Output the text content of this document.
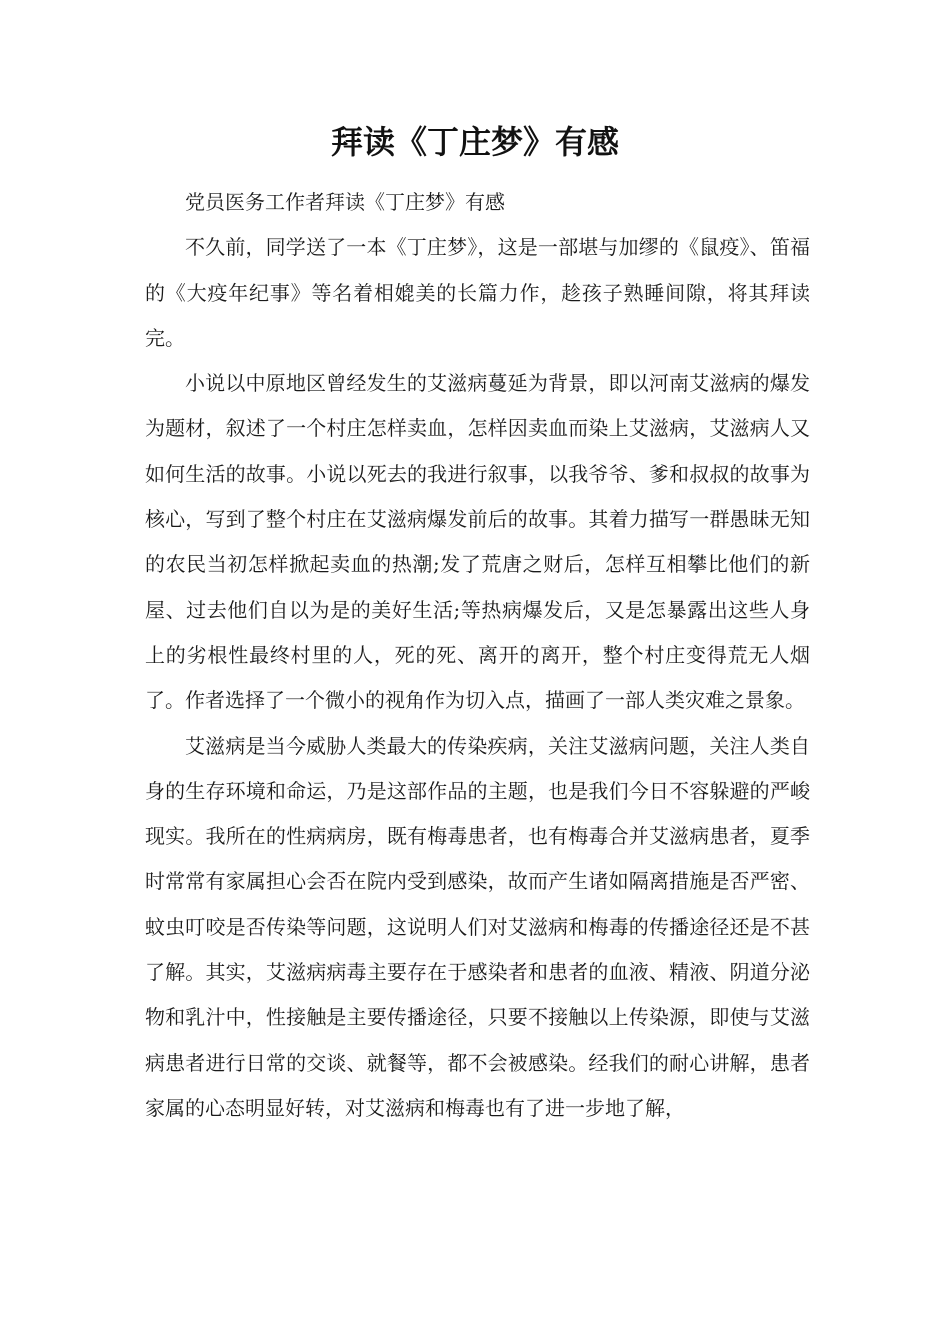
拜读《丁庄梦》有感

党员医务工作者拜读《丁庄梦》有感

不久前，同学送了一本《丁庄梦》，这是一部堪与加缪的《鼠疫》、笛福的《大疫年纪事》等名着相媲美的长篇力作，趁孩子熟睡间隙，将其拜读完。

小说以中原地区曾经发生的艾滋病蔓延为背景，即以河南艾滋病的爆发为题材，叙述了一个村庄怎样卖血，怎样因卖血而染上艾滋病，艾滋病人又如何生活的故事。小说以死去的我进行叙事，以我爷爷、爹和叔叔的故事为核心，写到了整个村庄在艾滋病爆发前后的故事。其着力描写一群愚昧无知的农民当初怎样掀起卖血的热潮;发了荒唐之财后，怎样互相攀比他们的新屋、过去他们自以为是的美好生活;等热病爆发后，又是怎暴露出这些人身上的劣根性最终村里的人，死的死、离开的离开，整个村庄变得荒无人烟了。作者选择了一个微小的视角作为切入点，描画了一部人类灾难之景象。

艾滋病是当今威胁人类最大的传染疾病，关注艾滋病问题，关注人类自身的生存环境和命运，乃是这部作品的主题，也是我们今日不容躲避的严峻现实。我所在的性病病房，既有梅毒患者，也有梅毒合并艾滋病患者，夏季时常常有家属担心会否在院内受到感染，故而产生诸如隔离措施是否严密、蚊虫叮咬是否传染等问题，这说明人们对艾滋病和梅毒的传播途径还是不甚了解。其实，艾滋病病毒主要存在于感染者和患者的血液、精液、阴道分泌物和乳汁中，性接触是主要传播途径，只要不接触以上传染源，即使与艾滋病患者进行日常的交谈、就餐等，都不会被感染。经我们的耐心讲解，患者家属的心态明显好转，对艾滋病和梅毒也有了进一步地了解，
